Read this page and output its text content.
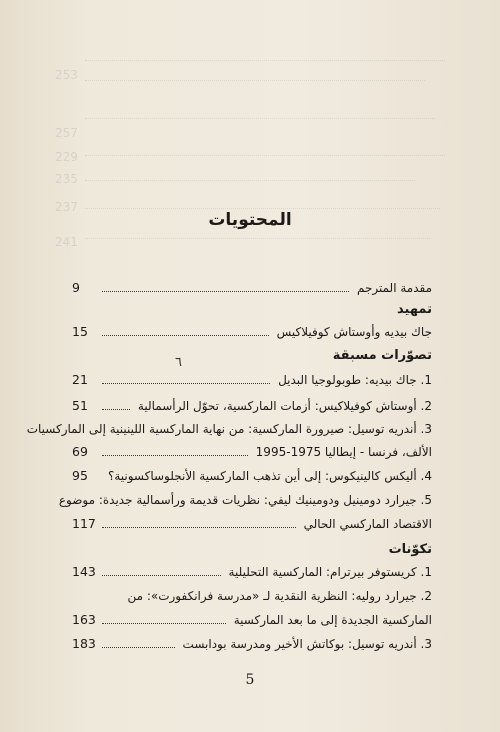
253
257
229
235
237
241
المحتويات
مقدمة المترجم
9
تمهيد
جاك بيديه وأوستاش كوفيلاكيس
15
تصوّرات مسبقة
٦
1. جاك بيديه: طوبولوجيا البديل
21
2. أوستاش كوفيلاكيس: أزمات الماركسية، تحوّل الرأسمالية
51
3. أندريه توسيل: صيرورة الماركسية: من نهاية الماركسية اللينينية إلى الماركسيات
الألف، فرنسا - إيطاليا 1975-1995
69
4. أليكس كالينيكوس: إلى أين تذهب الماركسية الأنجلوساكسونية؟
95
5. جيرارد دومينيل ودومينيك ليفي: نظريات قديمة ورأسمالية جديدة: موضوع
الاقتصاد الماركسي الحالي
117
تكوّنات
1. كريستوفر بيرترام: الماركسية التحليلية
143
2. جيرارد روليه: النظرية النقدية لـ «مدرسة فرانكفورت»: من
الماركسية الجديدة إلى ما بعد الماركسية
163
3. أندريه توسيل: بوكاتش الأخير ومدرسة بودابست
183
5
